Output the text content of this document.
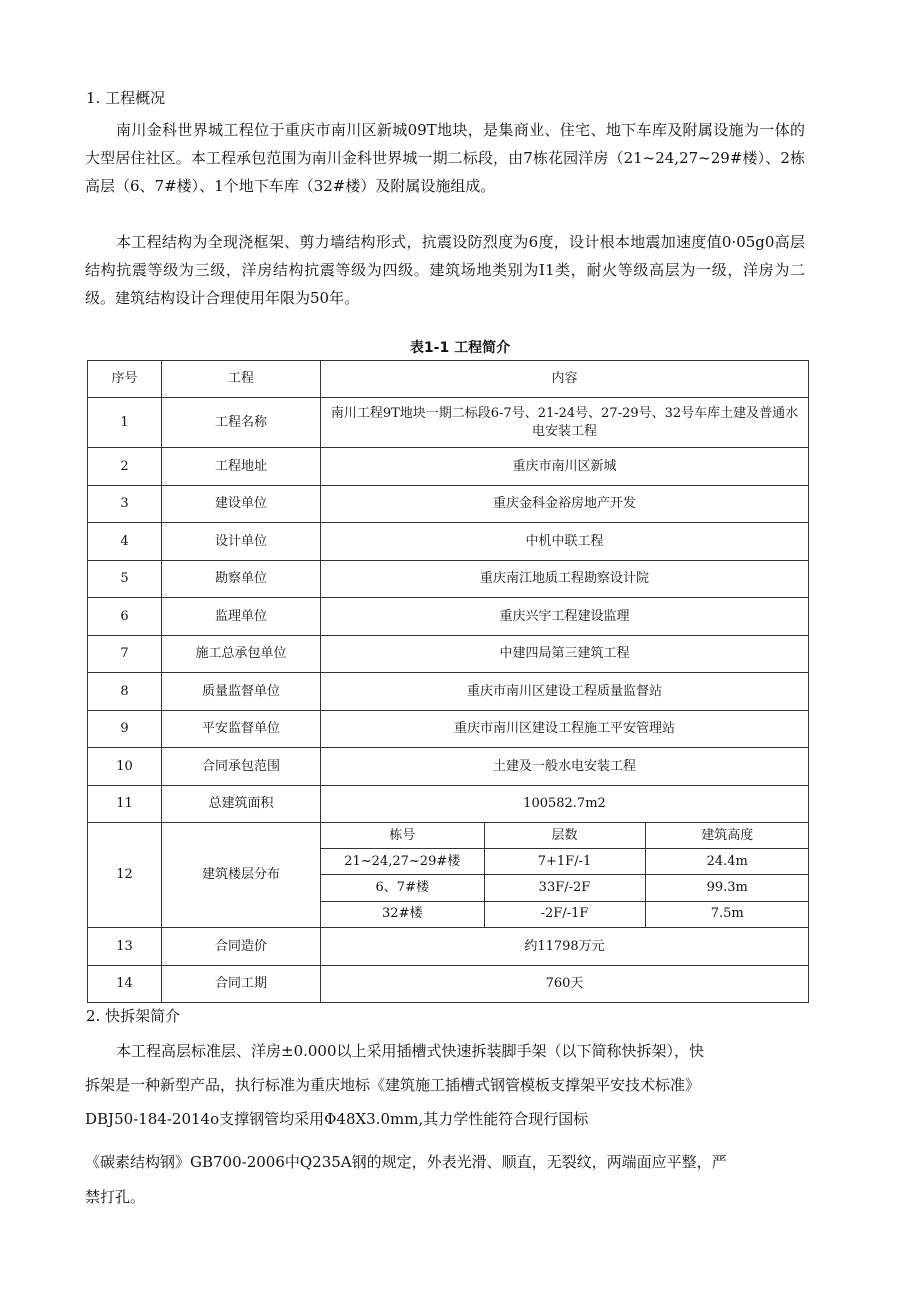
1. 工程概况

南川金科世界城工程位于重庆市南川区新城09T地块，是集商业、住宅、地下车库及附属设施为一体的大型居住社区。本工程承包范围为南川金科世界城一期二标段，由7栋花园洋房（21~24,27~29#楼）、2栋高层（6、7#楼）、1个地下车库（32#楼）及附属设施组成。

本工程结构为全现浇框架、剪力墙结构形式，抗震设防烈度为6度，设计根本地震加速度值0·05g0高层结构抗震等级为三级，洋房结构抗震等级为四级。建筑场地类别为I1类，耐火等级高层为一级，洋房为二级。建筑结构设计合理使用年限为50年。

表1-1 工程简介
序号	工程	内容
1	工程名称	南川工程9T地块一期二标段6-7号、21-24号、27-29号、32号车库土建及普通水电安装工程
2	工程地址	重庆市南川区新城
3	建设单位	重庆金科金裕房地产开发
4	设计单位	中机中联工程
5	勘察单位	重庆南江地质工程勘察设计院
6	监理单位	重庆兴宇工程建设监理
7	施工总承包单位	中建四局第三建筑工程
8	质量监督单位	重庆市南川区建设工程质量监督站
9	平安监督单位	重庆市南川区建设工程施工平安管理站
10	合同承包范围	土建及一般水电安装工程
11	总建筑面积	100582.7m2
12	建筑楼层分布	
栋号	层数	建筑高度
21~24,27~29#楼	7+1F/-1	24.4m
6、7#楼	33F/-2F	99.3m
32#楼	-2F/-1F	7.5m

13	合同造价	约11798万元
14	合同工期	760天
2. 快拆架简介
本工程高层标准层、洋房±0.000以上采用插槽式快速拆装脚手架（以下简称快拆架），快
拆架是一种新型产品，执行标准为重庆地标《建筑施工插槽式钢管模板支撑架平安技术标准》
DBJ50-184-2014o支撑钢管均采用Φ48X3.0mm,其力学性能符合现行国标
《碳素结构钢》GB700-2006中Q235A钢的规定，外表光滑、顺直，无裂纹，两端面应平整，严
禁打孔。
